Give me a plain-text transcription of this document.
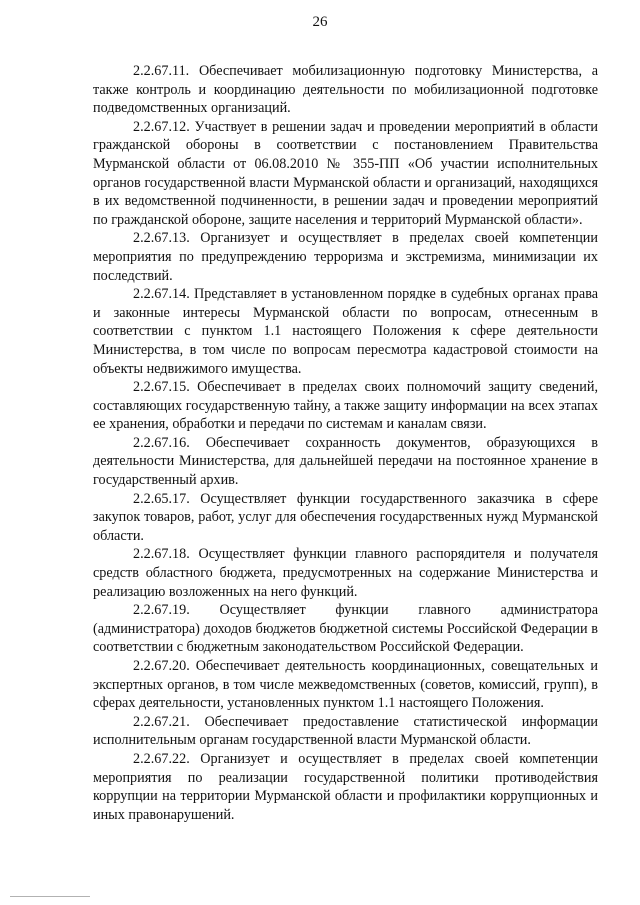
26

2.2.67.11. Обеспечивает мобилизационную подготовку Министерства, а также контроль и координацию деятельности по мобилизационной подготовке подведомственных организаций.

2.2.67.12. Участвует в решении задач и проведении мероприятий в области гражданской обороны в соответствии с постановлением Правительства Мурманской области от 06.08.2010 № 355-ПП «Об участии исполнительных органов государственной власти Мурманской области и организаций, находящихся в их ведомственной подчиненности, в решении задач и проведении мероприятий по гражданской обороне, защите населения и территорий Мурманской области».

2.2.67.13. Организует и осуществляет в пределах своей компетенции мероприятия по предупреждению терроризма и экстремизма, минимизации их последствий.

2.2.67.14. Представляет в установленном порядке в судебных органах права и законные интересы Мурманской области по вопросам, отнесенным в соответствии с пунктом 1.1 настоящего Положения к сфере деятельности Министерства, в том числе по вопросам пересмотра кадастровой стоимости на объекты недвижимого имущества.

2.2.67.15. Обеспечивает в пределах своих полномочий защиту сведений, составляющих государственную тайну, а также защиту информации на всех этапах ее хранения, обработки и передачи по системам и каналам связи.

2.2.67.16. Обеспечивает сохранность документов, образующихся в деятельности Министерства, для дальнейшей передачи на постоянное хранение в государственный архив.

2.2.65.17. Осуществляет функции государственного заказчика в сфере закупок товаров, работ, услуг для обеспечения государственных нужд Мурманской области.

2.2.67.18. Осуществляет функции главного распорядителя и получателя средств областного бюджета, предусмотренных на содержание Министерства и реализацию возложенных на него функций.

2.2.67.19. Осуществляет функции главного администратора (администратора) доходов бюджетов бюджетной системы Российской Федерации в соответствии с бюджетным законодательством Российской Федерации.

2.2.67.20. Обеспечивает деятельность координационных, совещательных и экспертных органов, в том числе межведомственных (советов, комиссий, групп), в сферах деятельности, установленных пунктом 1.1 настоящего Положения.

2.2.67.21. Обеспечивает предоставление статистической информации исполнительным органам государственной власти Мурманской области.

2.2.67.22. Организует и осуществляет в пределах своей компетенции мероприятия по реализации государственной политики противодействия коррупции на территории Мурманской области и профилактики коррупционных и иных правонарушений.
